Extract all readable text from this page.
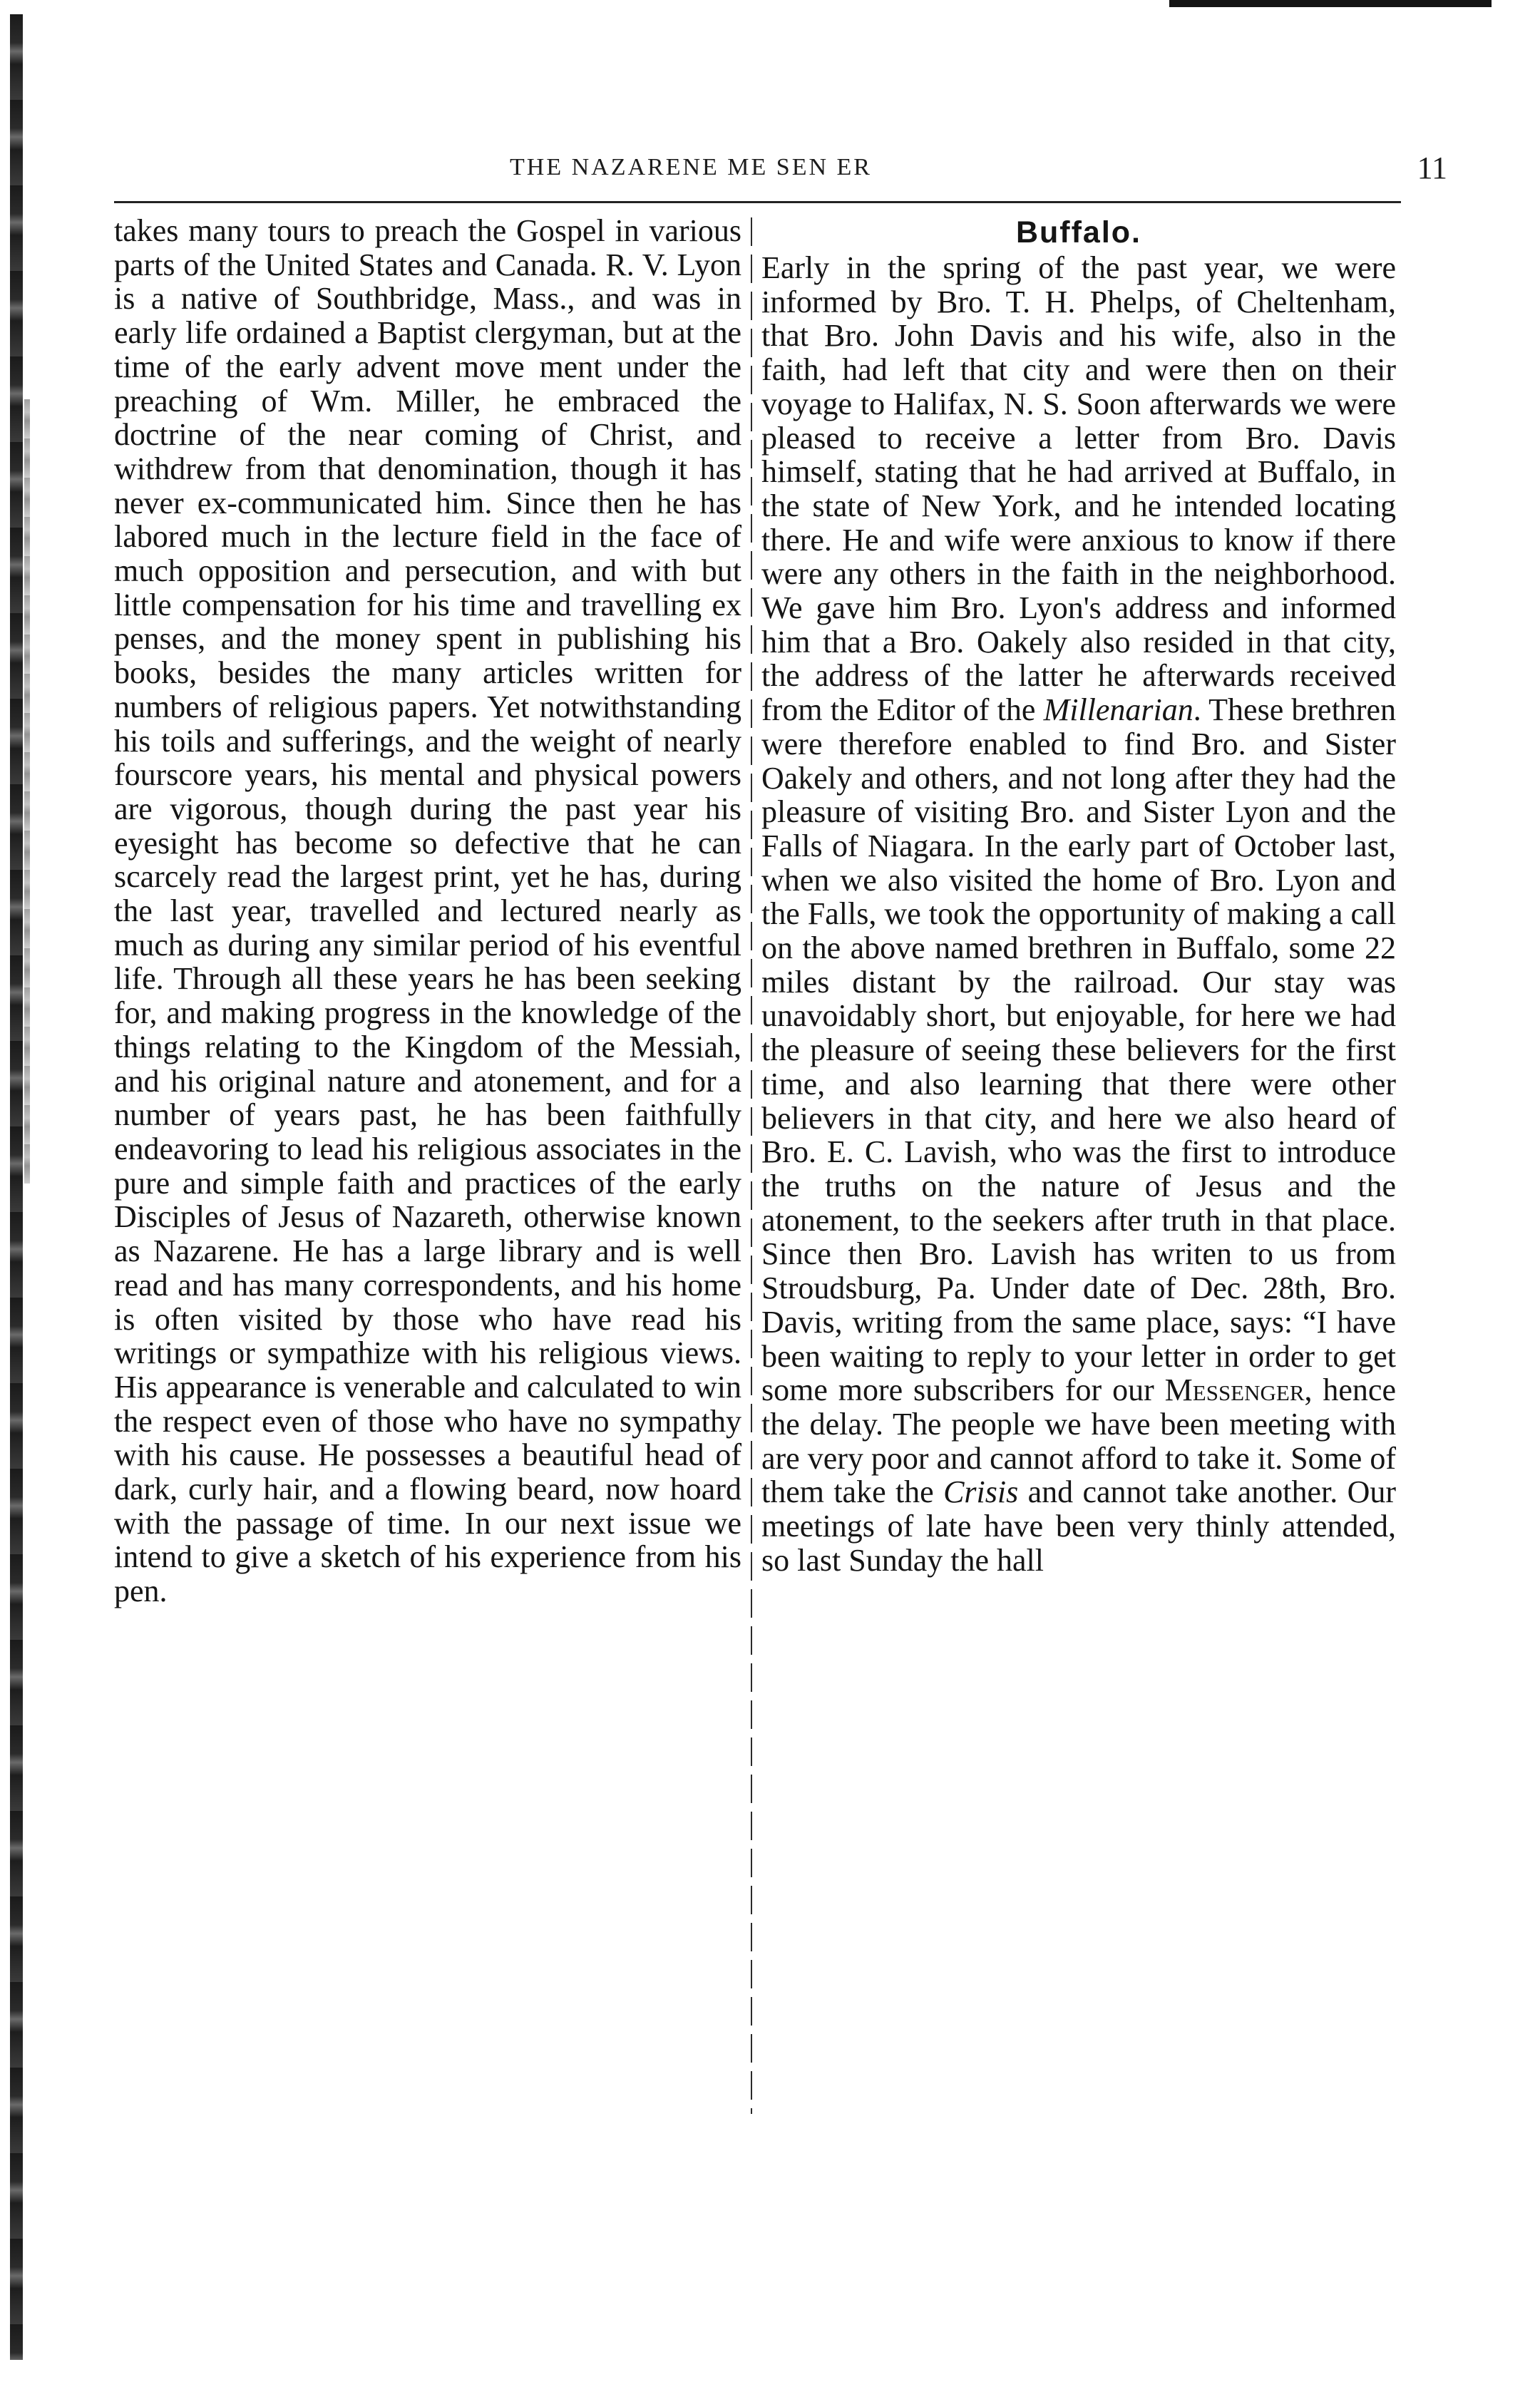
THE NAZARENE ME SEN ER	11

takes many tours to preach the Gospel in various parts of the United States and Canada. R. V. Lyon is a native of Southbridge, Mass., and was in early life ordained a Baptist clergyman, but at the time of the early advent move ment under the preaching of Wm. Miller, he embraced the doctrine of the near coming of Christ, and withdrew from that denomination, though it has never ex-communicated him. Since then he has labored much in the lecture field in the face of much opposition and persecution, and with but little compensation for his time and travelling ex penses, and the money spent in publishing his books, besides the many articles written for numbers of religious papers. Yet notwithstanding his toils and sufferings, and the weight of nearly fourscore years, his mental and physical powers are vigorous, though during the past year his eyesight has become so defective that he can scarcely read the largest print, yet he has, during the last year, travelled and lectured nearly as much as during any similar period of his eventful life. Through all these years he has been seeking for, and making progress in the knowledge of the things relating to the Kingdom of the Messiah, and his original nature and atonement, and for a number of years past, he has been faithfully endeavoring to lead his religious associates in the pure and simple faith and practices of the early Disciples of Jesus of Nazareth, otherwise known as Nazarene. He has a large library and is well read and has many correspondents, and his home is often visited by those who have read his writings or sympathize with his religious views. His appearance is venerable and calculated to win the respect even of those who have no sympathy with his cause. He possesses a beautiful head of dark, curly hair, and a flowing beard, now hoard with the passage of time. In our next issue we intend to give a sketch of his experience from his pen.

Buffalo.

Early in the spring of the past year, we were informed by Bro. T. H. Phelps, of Cheltenham, that Bro. John Davis and his wife, also in the faith, had left that city and were then on their voyage to Halifax, N. S. Soon afterwards we were pleased to receive a letter from Bro. Davis himself, stating that he had arrived at Buffalo, in the state of New York, and he intended locating there. He and wife were anxious to know if there were any others in the faith in the neighborhood. We gave him Bro. Lyon's address and informed him that a Bro. Oakely also resided in that city, the address of the latter he afterwards received from the Editor of the Millenarian. These brethren were therefore enabled to find Bro. and Sister Oakely and others, and not long after they had the pleasure of visiting Bro. and Sister Lyon and the Falls of Niagara. In the early part of October last, when we also visited the home of Bro. Lyon and the Falls, we took the opportunity of making a call on the above named brethren in Buffalo, some 22 miles distant by the railroad. Our stay was unavoidably short, but enjoyable, for here we had the pleasure of seeing these believers for the first time, and also learning that there were other believers in that city, and here we also heard of Bro. E. C. Lavish, who was the first to introduce the truths on the nature of Jesus and the atonement, to the seekers after truth in that place. Since then Bro. Lavish has writen to us from Stroudsburg, Pa. Under date of Dec. 28th, Bro. Davis, writing from the same place, says: “I have been waiting to reply to your letter in order to get some more subscribers for our Messenger, hence the delay. The people we have been meeting with are very poor and cannot afford to take it. Some of them take the Crisis and cannot take another. Our meetings of late have been very thinly attended, so last Sunday the hall
